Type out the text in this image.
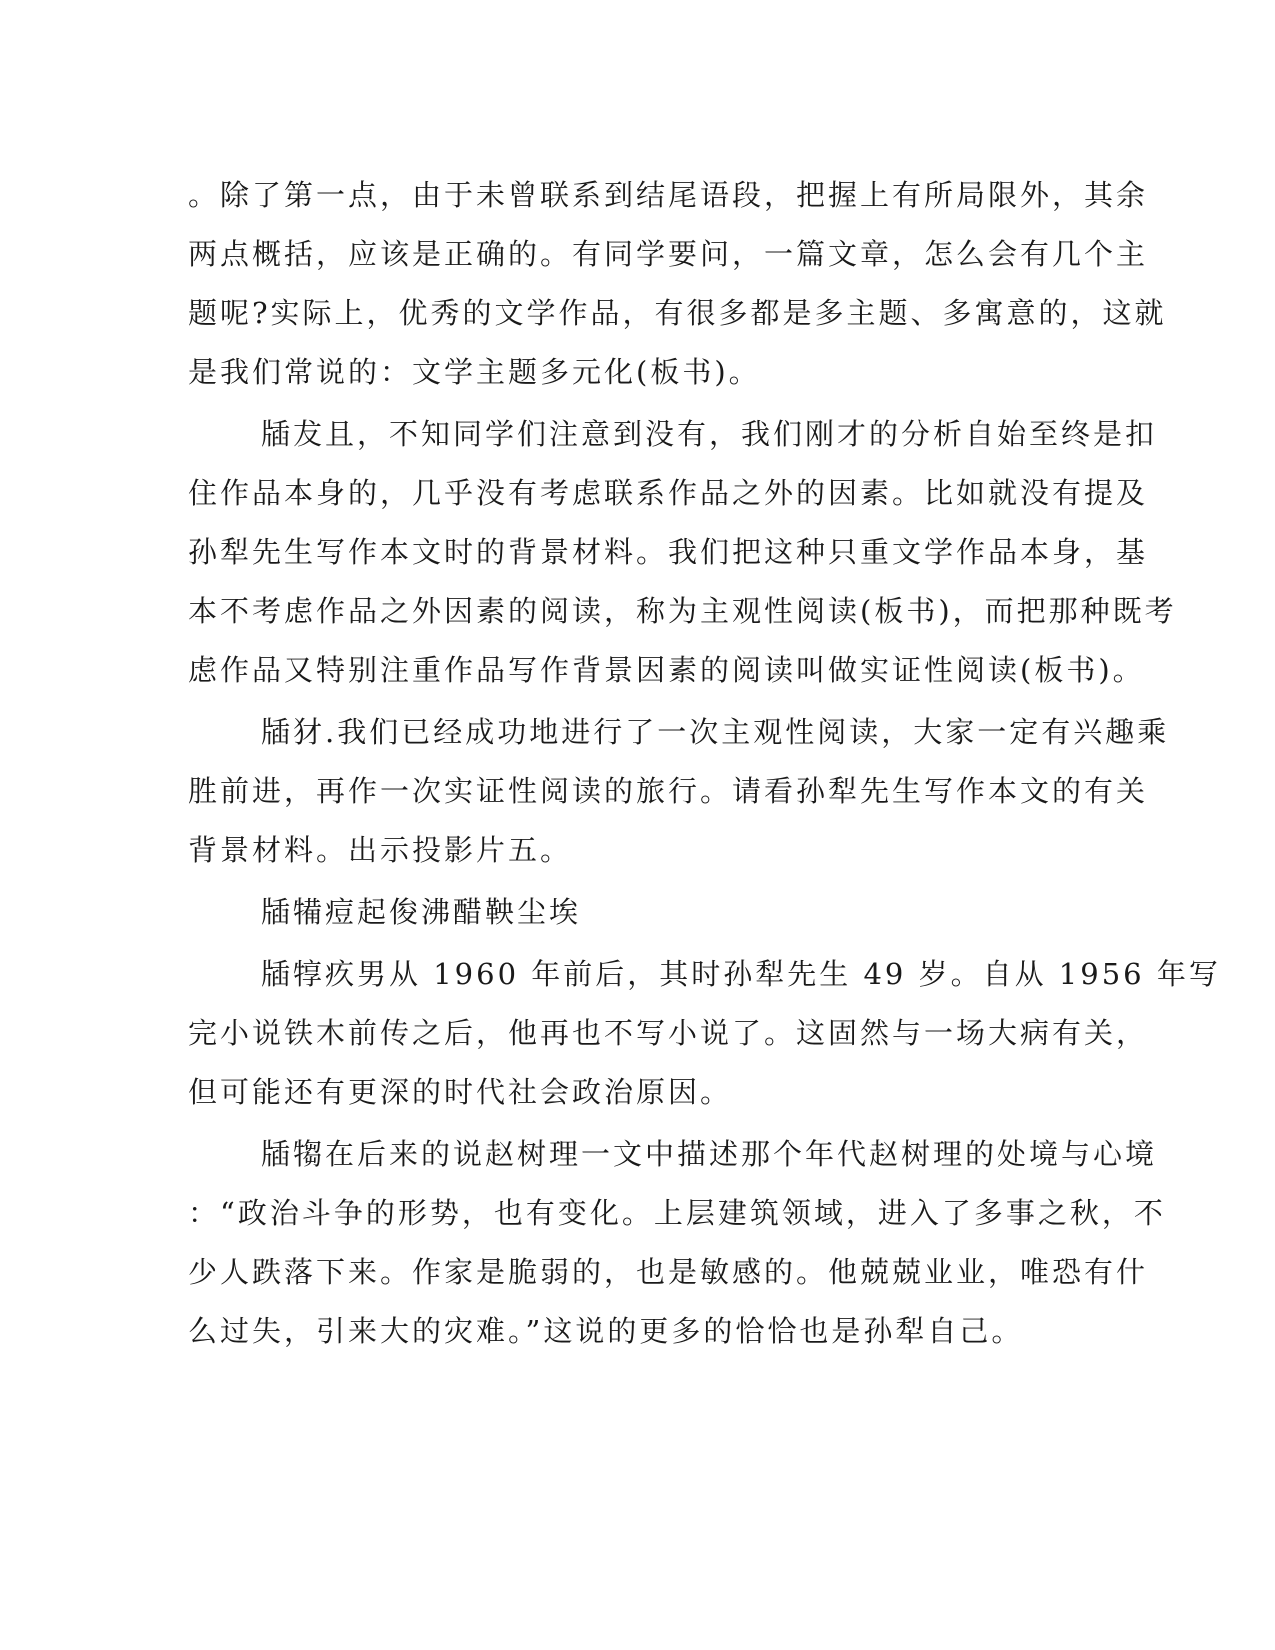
。除了第一点，由于未曾联系到结尾语段，把握上有所局限外，其余
两点概括，应该是正确的。有同学要问，一篇文章，怎么会有几个主
题呢?实际上，优秀的文学作品，有很多都是多主题、多寓意的，这就
是我们常说的：文学主题多元化(板书)。
牐犮且，不知同学们注意到没有，我们刚才的分析自始至终是扣
住作品本身的，几乎没有考虑联系作品之外的因素。比如就没有提及
孙犁先生写作本文时的背景材料。我们把这种只重文学作品本身，基
本不考虑作品之外因素的阅读，称为主观性阅读(板书)，而把那种既考
虑作品又特别注重作品写作背景因素的阅读叫做实证性阅读(板书)。
牐犲.我们已经成功地进行了一次主观性阅读，大家一定有兴趣乘
胜前进，再作一次实证性阅读的旅行。请看孙犁先生写作本文的有关
背景材料。出示投影片五。
牐犕痘起俊沸醋鞅尘埃
牐犉疚男从 1960 年前后，其时孙犁先生 49 岁。自从 1956 年写
完小说铁木前传之后，他再也不写小说了。这固然与一场大病有关，
但可能还有更深的时代社会政治原因。
牐犓在后来的说赵树理一文中描述那个年代赵树理的处境与心境
：“政治斗争的形势，也有变化。上层建筑领域，进入了多事之秋，不
少人跌落下来。作家是脆弱的，也是敏感的。他兢兢业业，唯恐有什
么过失，引来大的灾难。”这说的更多的恰恰也是孙犁自己。
